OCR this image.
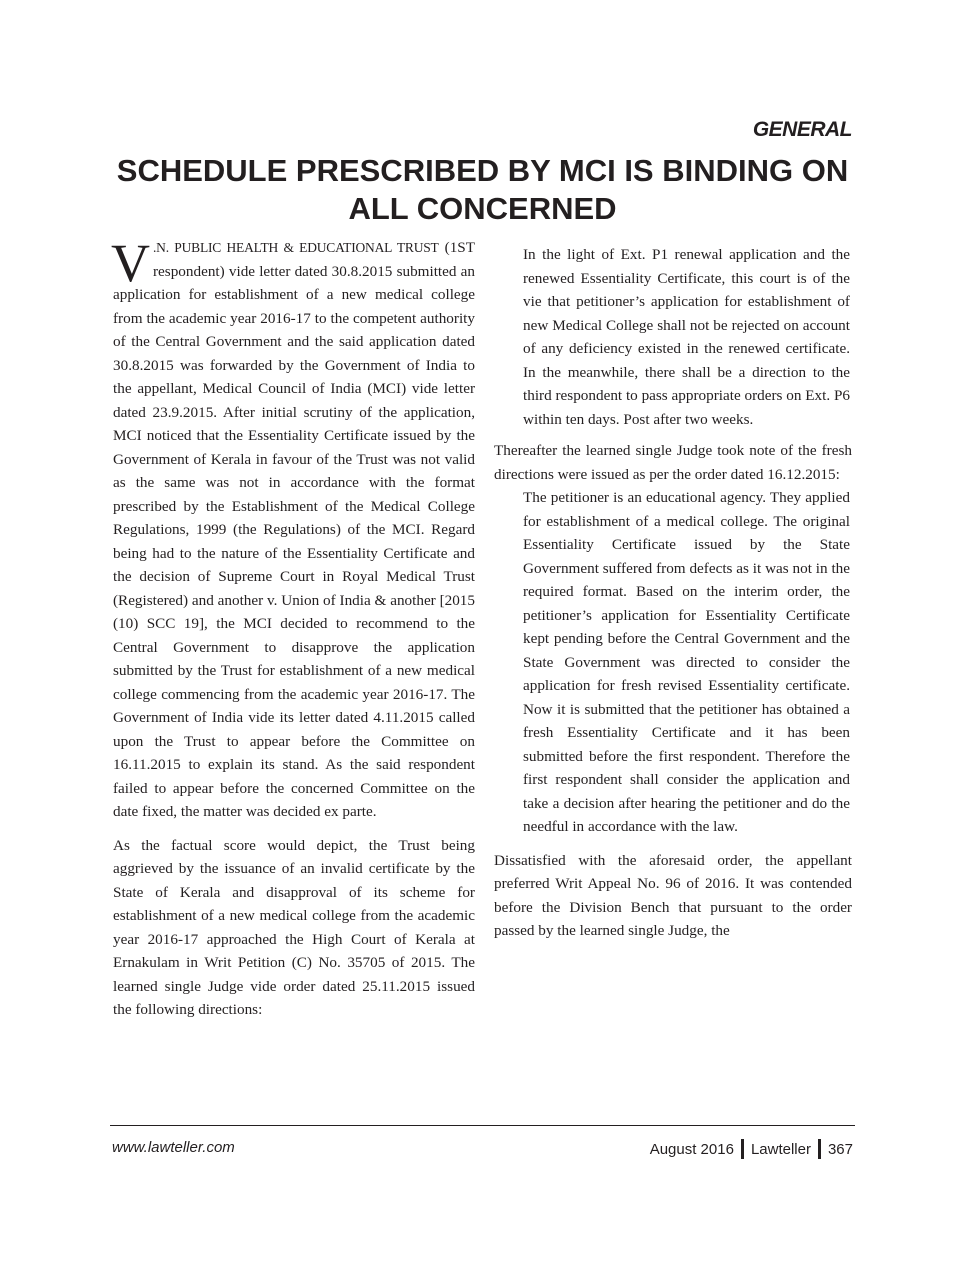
GENERAL
SCHEDULE PRESCRIBED BY MCI IS BINDING ON ALL CONCERNED

V .N. PUBLIC HEALTH & EDUCATIONAL TRUST (1ST respondent) vide letter dated 30.8.2015 submitted an application for establishment of a new medical college from the academic year 2016-17 to the competent authority of the Central Government and the said application dated 30.8.2015 was forwarded by the Government of India to the appellant, Medical Council of India (MCI) vide letter dated 23.9.2015. After initial scrutiny of the application, MCI noticed that the Essentiality Certificate issued by the Government of Kerala in favour of the Trust was not valid as the same was not in accordance with the format prescribed by the Establishment of the Medical College Regulations, 1999 (the Regulations) of the MCI. Regard being had to the nature of the Essentiality Certificate and the decision of Supreme Court in Royal Medical Trust (Registered) and another v. Union of India & another [2015 (10) SCC 19], the MCI decided to recommend to the Central Government to disapprove the application submitted by the Trust for establishment of a new medical college commencing from the academic year 2016-17. The Government of India vide its letter dated 4.11.2015 called upon the Trust to appear before the Committee on 16.11.2015 to explain its stand. As the said respondent failed to appear before the concerned Committee on the date fixed, the matter was decided ex parte.

As the factual score would depict, the Trust being aggrieved by the issuance of an invalid certificate by the State of Kerala and disapproval of its scheme for establishment of a new medical college from the academic year 2016-17 approached the High Court of Kerala at Ernakulam in Writ Petition (C) No. 35705 of 2015. The learned single Judge vide order dated 25.11.2015 issued the following directions:

In the light of Ext. P1 renewal application and the renewed Essentiality Certificate, this court is of the vie that petitioner’s application for establishment of new Medical College shall not be rejected on account of any deficiency existed in the renewed certificate. In the meanwhile, there shall be a direction to the third respondent to pass appropriate orders on Ext. P6 within ten days. Post after two weeks.

Thereafter the learned single Judge took note of the fresh directions were issued as per the order dated 16.12.2015:

The petitioner is an educational agency. They applied for establishment of a medical college. The original Essentiality Certificate issued by the State Government suffered from defects as it was not in the required format. Based on the interim order, the petitioner’s application for Essentiality Certificate kept pending before the Central Government and the State Government was directed to consider the application for fresh revised Essentiality certificate. Now it is submitted that the petitioner has obtained a fresh Essentiality Certificate and it has been submitted before the first respondent. Therefore the first respondent shall consider the application and take a decision after hearing the petitioner and do the needful in accordance with the law.

Dissatisfied with the aforesaid order, the appellant preferred Writ Appeal No. 96 of 2016. It was contended before the Division Bench that pursuant to the order passed by the learned single Judge, the

www.lawteller.com	August 2016 Lawteller 367
